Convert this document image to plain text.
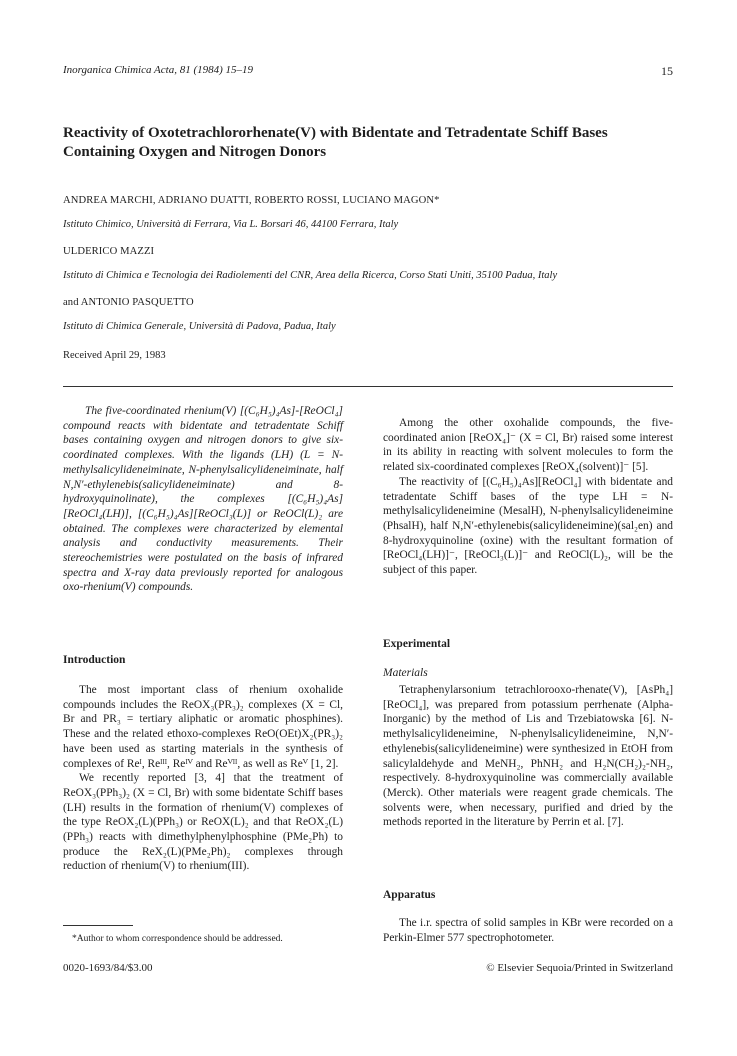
Inorganica Chimica Acta, 81 (1984) 15–19	15
Reactivity of Oxotetrachlororhenate(V) with Bidentate and Tetradentate Schiff Bases Containing Oxygen and Nitrogen Donors
ANDREA MARCHI, ADRIANO DUATTI, ROBERTO ROSSI, LUCIANO MAGON*
Istituto Chimico, Università di Ferrara, Via L. Borsari 46, 44100 Ferrara, Italy
ULDERICO MAZZI
Istituto di Chimica e Tecnologia dei Radiolementi del CNR, Area della Ricerca, Corso Stati Uniti, 35100 Padua, Italy
and ANTONIO PASQUETTO
Istituto di Chimica Generale, Università di Padova, Padua, Italy
Received April 29, 1983

The five-coordinated rhenium(V) [(C₆H₅)₄As]-[ReOCl₄] compound reacts with bidentate and tetradentate Schiff bases containing oxygen and nitrogen donors to give six-coordinated complexes. With the ligands (LH) (L = N-methylsalicylideneiminate, N-phenylsalicylideneiminate, half N,N′-ethylenebis(salicylideneiminate) and 8-hydroxyquinolinate), the complexes [(C₆H₅)₄As][ReOCl₄(LH)], [(C₆H₅)₄As][ReOCl₃(L)] or ReOCl(L)₂ are obtained. The complexes were characterized by elemental analysis and conductivity measurements. Their stereochemistries were postulated on the basis of infrared spectra and X-ray data previously reported for analogous oxo-rhenium(V) compounds.

Introduction

The most important class of rhenium oxohalide compounds includes the ReOX₃(PR₃)₂ complexes (X = Cl, Br and PR₃ = tertiary aliphatic or aromatic phosphines). These and the related ethoxo-complexes ReO(OEt)X₂(PR₃)₂ have been used as starting materials in the synthesis of complexes of Reᴵ, Reᴵᴵᴵ, Reᴵⱽ and Reⱽᴵᴵ, as well as Reⱽ [1, 2].

We recently reported [3, 4] that the treatment of ReOX₃(PPh₃)₂ (X = Cl, Br) with some bidentate Schiff bases (LH) results in the formation of rhenium(V) complexes of the type ReOX₂(L)(PPh₃) or ReOX(L)₂ and that ReOX₂(L)(PPh₃) reacts with dimethylphenylphosphine (PMe₂Ph) to produce the ReX₂(L)(PMe₂Ph)₂ complexes through reduction of rhenium(V) to rhenium(III).

*Author to whom correspondence should be addressed.

Among the other oxohalide compounds, the five-coordinated anion [ReOX₄]⁻ (X = Cl, Br) raised some interest in its ability in reacting with solvent molecules to form the related six-coordinated complexes [ReOX₄(solvent)]⁻ [5].

The reactivity of [(C₆H₅)₄As][ReOCl₄] with bidentate and tetradentate Schiff bases of the type LH = N-methylsalicylideneimine (MesalH), N-phenylsalicylideneimine (PhsalH), half N,N′-ethylenebis(salicylideneimine)(sal₂en) and 8-hydroxyquinoline (oxine) with the resultant formation of [ReOCl₄(LH)]⁻, [ReOCl₃(L)]⁻ and ReOCl(L)₂, will be the subject of this paper.

Experimental
Materials

Tetraphenylarsonium tetrachlorooxo-rhenate(V), [AsPh₄][ReOCl₄], was prepared from potassium perrhenate (Alpha-Inorganic) by the method of Lis and Trzebiatowska [6]. N-methylsalicylideneimine, N-phenylsalicylideneimine, N,N′-ethylenebis(salicylideneimine) were synthesized in EtOH from salicylaldehyde and MeNH₂, PhNH₂ and H₂N(CH₂)₂-NH₂, respectively. 8-hydroxyquinoline was commercially available (Merck). Other materials were reagent grade chemicals. The solvents were, when necessary, purified and dried by the methods reported in the literature by Perrin et al. [7].

Apparatus

The i.r. spectra of solid samples in KBr were recorded on a Perkin-Elmer 577 spectrophotometer.

0020-1693/84/$3.00	© Elsevier Sequoia/Printed in Switzerland
